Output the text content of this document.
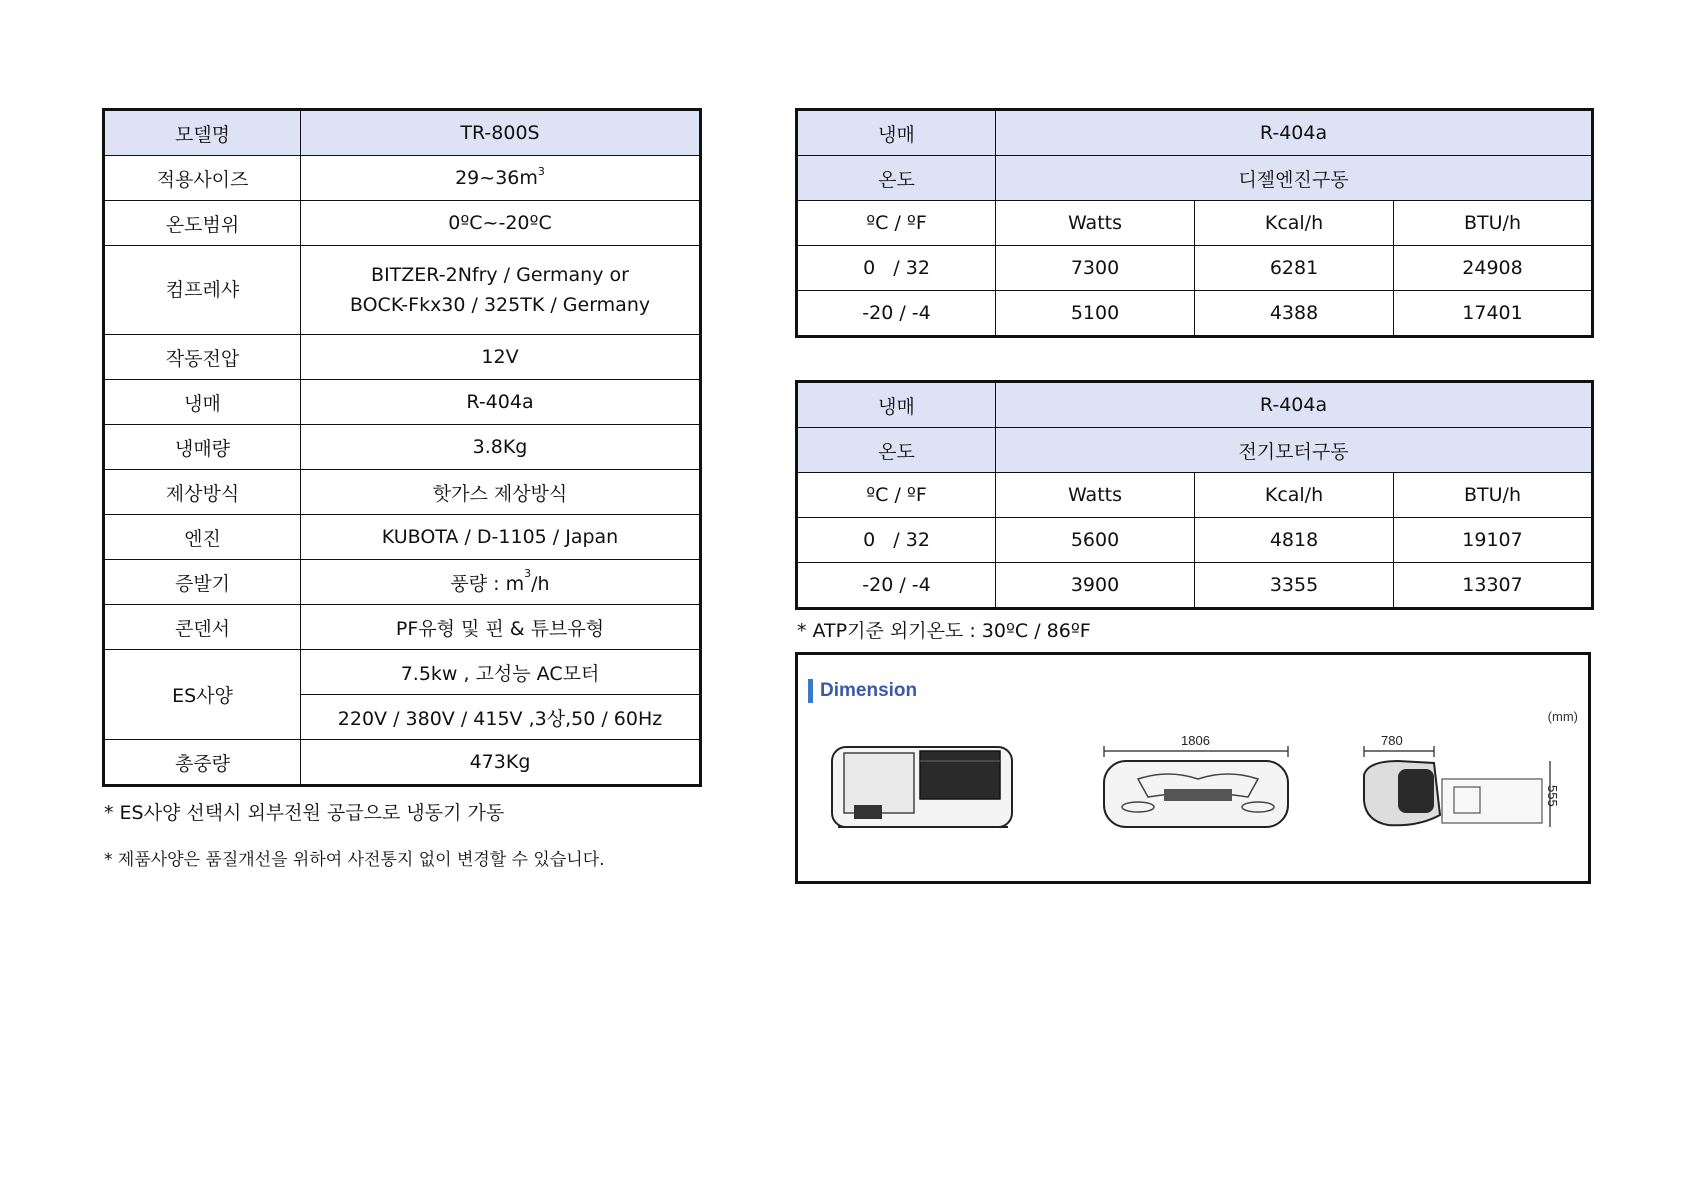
모델명	TR-800S
적용사이즈	$29\sim 36m^3$
온도범위	0ºC~-20ºC
컴프레샤	BITZER-2Nfry / Germany or
BOCK-Fkx30 / 325TK / Germany

작동전압	12V
냉매	R-404a
냉매량	3.8Kg
제상방식	핫가스 제상방식
엔진	KUBOTA / D-1105 / Japan
증발기	풍량 : $m^3/h$
콘덴서	PF유형 및 핀 & 튜브유형
ES사양	7.5kw , 고성능 AC모터
	220V / 380V / 415V ,3상,50 / 60Hz
총중량	473Kg
* ES사양 선택시 외부전원 공급으로 냉동기 가동
* 제품사양은 품질개선을 위하여 사전통지 없이 변경할 수 있습니다.
냉매	R-404a		
온도	디젤엔진구동		
ºC / ºF	Watts	Kcal/h	BTU/h
0   / 32	7300	6281	24908
-20 / -4	5100	4388	17401
냉매	R-404a		
온도	전기모터구동		
ºC / ºF	Watts	Kcal/h	BTU/h
0   / 32	5600	4818	19107
-20 / -4	3900	3355	13307
* ATP기준 외기온도 : 30ºC / 86ºF
Dimension
(mm)
1806	780
555
